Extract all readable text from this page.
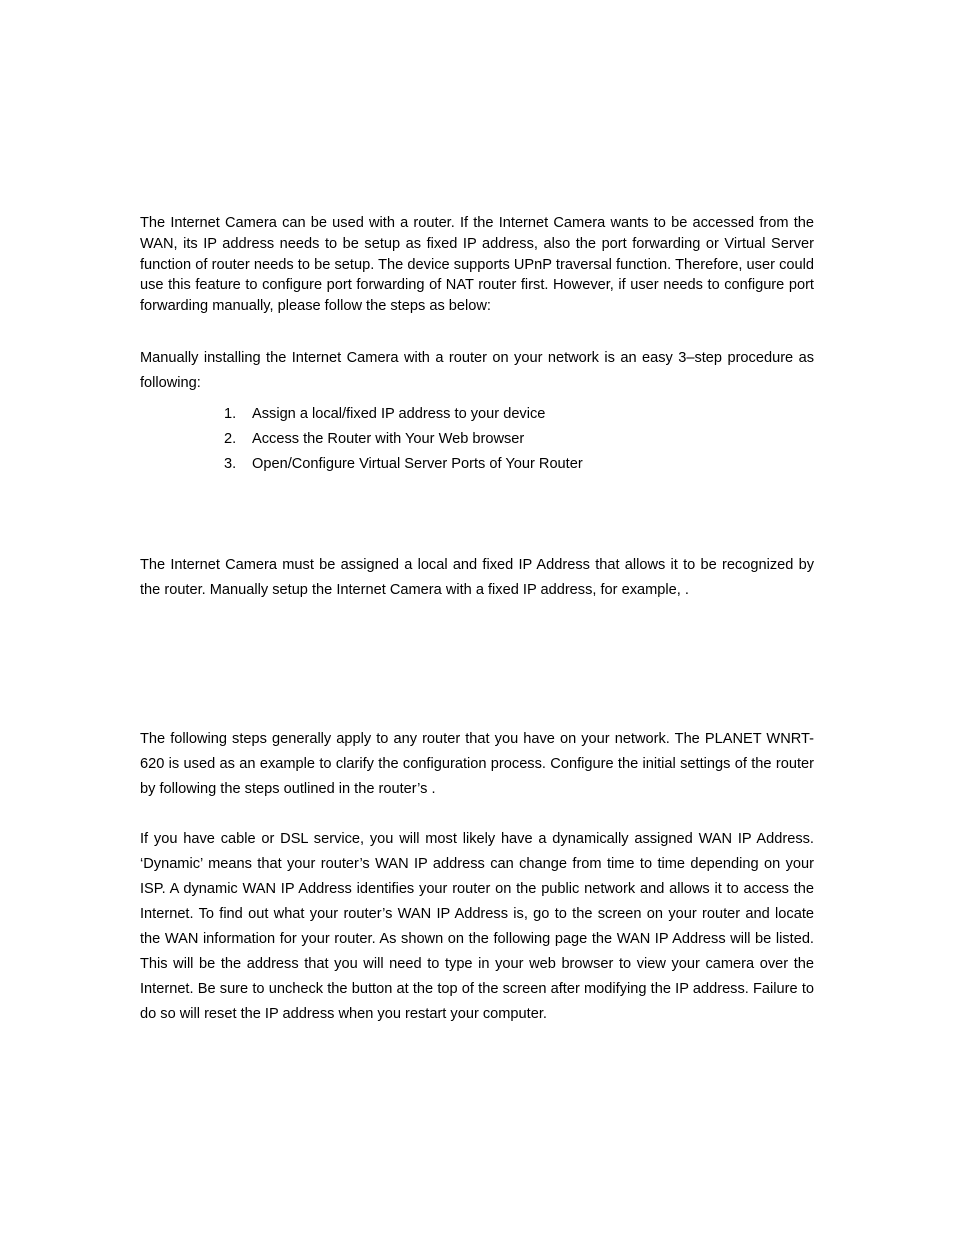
The Internet Camera can be used with a router. If the Internet Camera wants to be accessed from the WAN, its IP address needs to be setup as fixed IP address, also the port forwarding or Virtual Server function of router needs to be setup. The device supports UPnP traversal function. Therefore, user could use this feature to configure port forwarding of NAT router first. However, if user needs to configure port forwarding manually, please follow the steps as below:

Manually installing the Internet Camera with a router on your network is an easy 3–step procedure as following:

1.	Assign a local/fixed IP address to your device
2.	Access the Router with Your Web browser
3.	Open/Configure Virtual Server Ports of Your Router

The Internet Camera must be assigned a local and fixed IP Address that allows it to be recognized by the router. Manually setup the Internet Camera with a fixed IP address, for example, .

The following steps generally apply to any router that you have on your network. The PLANET WNRT-620 is used as an example to clarify the configuration process. Configure the initial settings of the router by following the steps outlined in the router’s .

If you have cable or DSL service, you will most likely have a dynamically assigned WAN IP Address. ‘Dynamic’ means that your router’s WAN IP address can change from time to time depending on your ISP. A dynamic WAN IP Address identifies your router on the public network and allows it to access the Internet. To find out what your router’s WAN IP Address is, go to the screen on your router and locate the WAN information for your router. As shown on the following page the WAN IP Address will be listed. This will be the address that you will need to type in your web browser to view your camera over the Internet. Be sure to uncheck the button at the top of the screen after modifying the IP address. Failure to do so will reset the IP address when you restart your computer.
